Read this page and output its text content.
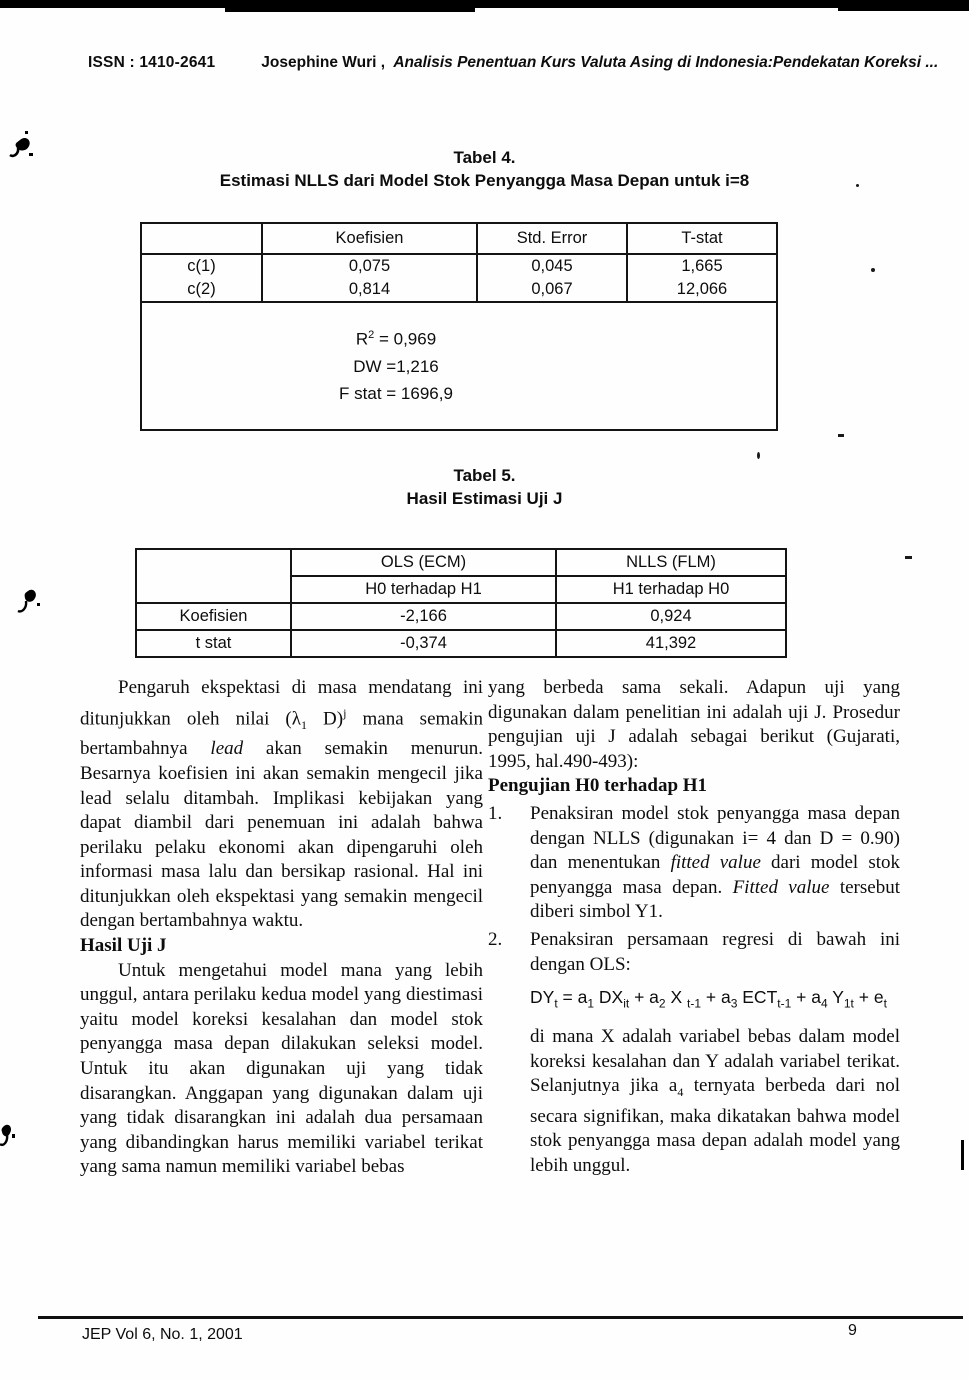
ISSN : 1410-2641	Josephine Wuri , Analisis Penentuan Kurs Valuta Asing di Indonesia:Pendekatan Koreksi ...
Tabel 4.
Estimasi NLLS dari Model Stok Penyangga Masa Depan untuk i=8
	Koefisien	Std. Error	T-stat
c(1)	0,075	0,045	1,665
c(2)	0,814	0,067	12,066

$R^2 = 0,969$
DW =1,216
F stat = 1696,9			
Tabel 5.
Hasil Estimasi Uji J
	OLS (ECM)	NLLS (FLM)
	H0 terhadap H1	H1 terhadap H0
Koefisien	-2,166	0,924
t stat	-0,374	41,392

Pengaruh ekspektasi di masa mendatang ini ditunjukkan oleh nilai ($\lambda_1$ D)$^j$ mana semakin bertambahnya lead akan semakin menurun. Besarnya koefisien ini akan semakin mengecil jika lead selalu ditambah. Implikasi kebijakan yang dapat diambil dari penemuan ini adalah bahwa perilaku pelaku ekonomi akan dipengaruhi oleh informasi masa lalu dan bersikap rasional. Hal ini ditunjukkan oleh ekspektasi yang semakin mengecil dengan bertambahnya waktu.

Hasil Uji J

Untuk mengetahui model mana yang lebih unggul, antara perilaku kedua model yang diestimasi yaitu model koreksi kesalahan dan model stok penyangga masa depan dilakukan seleksi model. Untuk itu akan digunakan uji yang tidak disarangkan. Anggapan yang digunakan dalam uji yang tidak disarangkan ini adalah dua persamaan yang dibandingkan harus memiliki variabel terikat yang sama namun memiliki variabel bebas

yang berbeda sama sekali. Adapun uji yang digunakan dalam penelitian ini adalah uji J. Prosedur pengujian uji J adalah sebagai berikut (Gujarati, 1995, hal.490-493):

Pengujian H0 terhadap H1

1. Penaksiran model stok penyangga masa depan dengan NLLS (digunakan i= 4 dan D = 0.90) dan menentukan fitted value dari model stok penyangga masa depan. Fitted value tersebut diberi simbol Y1.

2. Penaksiran persamaan regresi di bawah ini dengan OLS:

$DY_t = a_1$ $DX_{it} + a_2$ X $_{t-1} + a_3$ $ECT_{t-1} + a_4$ $Y_{1t} + e_t$

di mana X adalah variabel bebas dalam model koreksi kesalahan dan Y adalah variabel terikat. Selanjutnya jika $a_4$ ternyata berbeda dari nol secara signifikan, maka dikatakan bahwa model stok penyangga masa depan adalah model yang lebih unggul.

JEP Vol 6, No. 1, 2001	9
